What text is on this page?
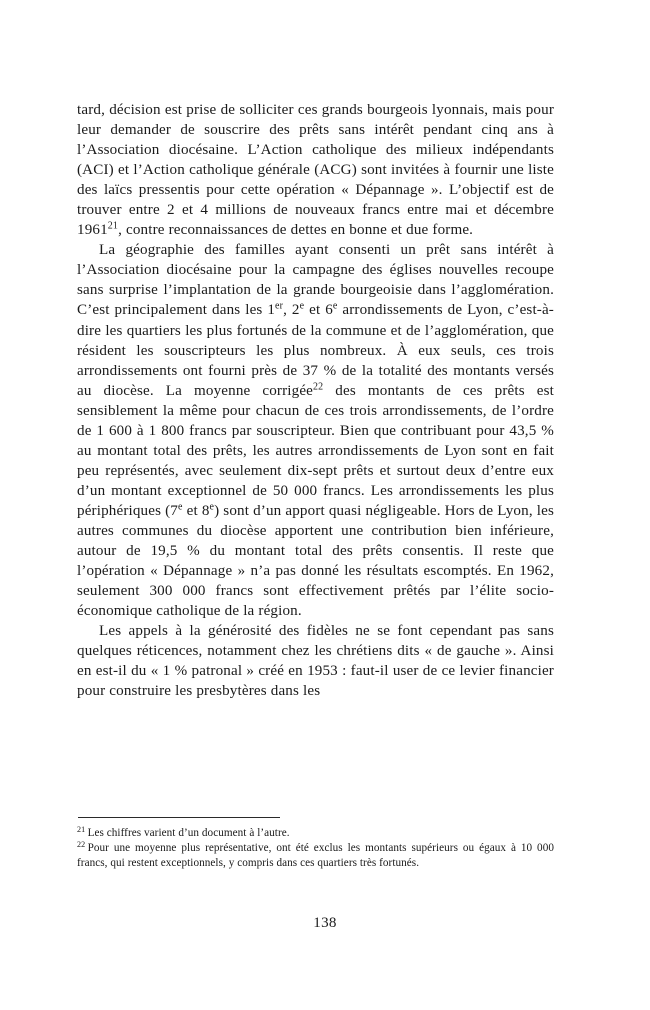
tard, décision est prise de solliciter ces grands bourgeois lyonnais, mais pour leur demander de souscrire des prêts sans intérêt pendant cinq ans à l’Association diocésaine. L’Action catholique des milieux indépendants (ACI) et l’Action catholique générale (ACG) sont invitées à fournir une liste des laïcs pressentis pour cette opération « Dépannage ». L’objectif est de trouver entre 2 et 4 millions de nouveaux francs entre mai et décembre 1961$^{21}$, contre reconnaissances de dettes en bonne et due forme.

La géographie des familles ayant consenti un prêt sans intérêt à l’Association diocésaine pour la campagne des églises nouvelles recoupe sans surprise l’implantation de la grande bourgeoisie dans l’agglomération. C’est principalement dans les 1er, 2e et 6e arrondissements de Lyon, c’est-à-dire les quartiers les plus fortunés de la commune et de l’agglomération, que résident les souscripteurs les plus nombreux. À eux seuls, ces trois arrondissements ont fourni près de 37 % de la totalité des montants versés au diocèse. La moyenne corrigée$^{22}$ des montants de ces prêts est sensiblement la même pour chacun de ces trois arrondissements, de l’ordre de 1 600 à 1 800 francs par souscripteur. Bien que contribuant pour 43,5 % au montant total des prêts, les autres arrondissements de Lyon sont en fait peu représentés, avec seulement dix-sept prêts et surtout deux d’entre eux d’un montant exceptionnel de 50 000 francs. Les arrondissements les plus périphériques (7e et 8e) sont d’un apport quasi négligeable. Hors de Lyon, les autres communes du diocèse apportent une contribution bien inférieure, autour de 19,5 % du montant total des prêts consentis. Il reste que l’opération « Dépannage » n’a pas donné les résultats escomptés. En 1962, seulement 300 000 francs sont effectivement prêtés par l’élite socio-économique catholique de la région.

Les appels à la générosité des fidèles ne se font cependant pas sans quelques réticences, notamment chez les chrétiens dits « de gauche ». Ainsi en est-il du « 1 % patronal » créé en 1953 : faut-il user de ce levier financier pour construire les presbytères dans les

$^{21}$ Les chiffres varient d’un document à l’autre.

$^{22}$ Pour une moyenne plus représentative, ont été exclus les montants supérieurs ou égaux à 10 000 francs, qui restent exceptionnels, y compris dans ces quartiers très fortunés.

138
